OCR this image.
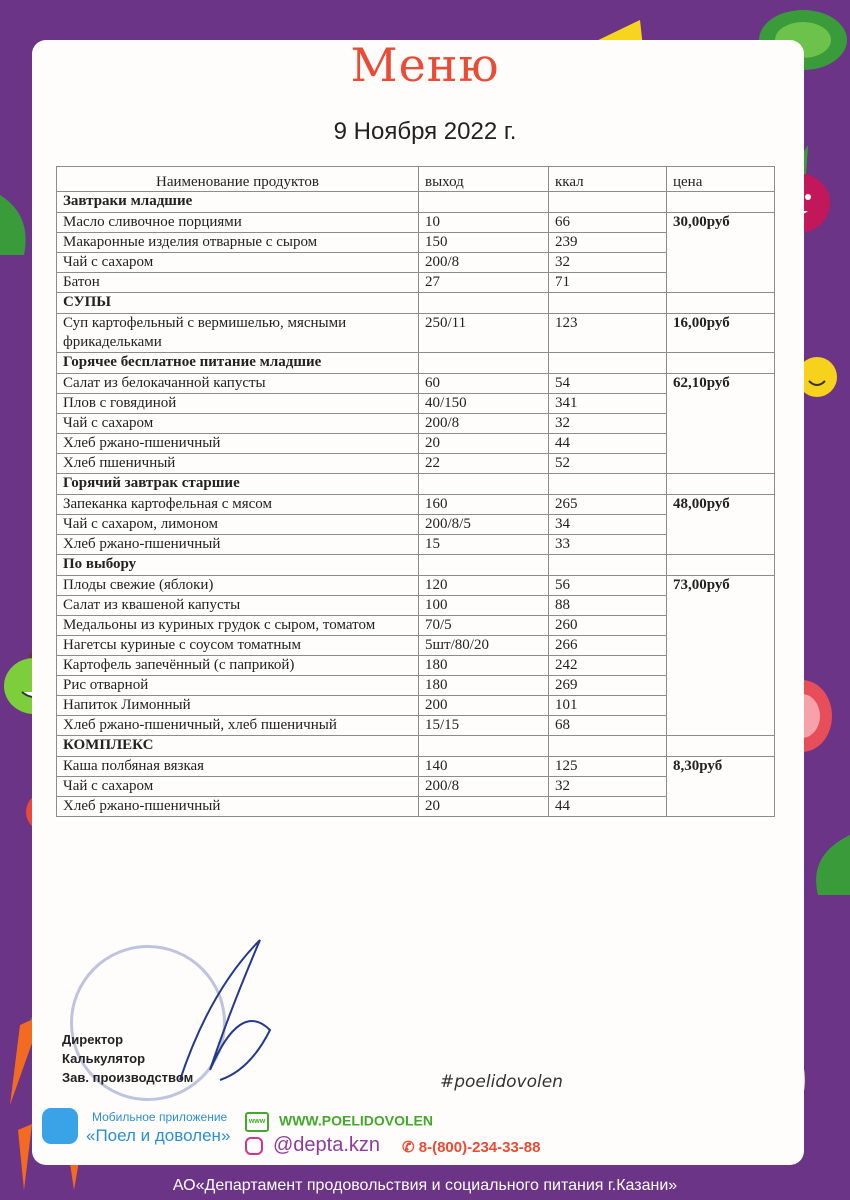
Меню
9 Ноября 2022 г.
Наименование продуктов	выход	ккал	цена
Завтраки младшие			
Масло сливочное порциями	10	66	30,00руб
Макаронные изделия отварные с сыром	150	239	
Чай с сахаром	200/8	32	
Батон	27	71	
СУПЫ			
Суп картофельный с вермишелью, мясными фрикадельками	250/11	123	16,00руб
Горячее бесплатное питание младшие			
Салат из белокачанной капусты	60	54	62,10руб
Плов с говядиной	40/150	341	
Чай с сахаром	200/8	32	
Хлеб ржано-пшеничный	20	44	
Хлеб пшеничный	22	52	
Горячий завтрак старшие			
Запеканка картофельная с мясом	160	265	48,00руб
Чай с сахаром, лимоном	200/8/5	34	
Хлеб ржано-пшеничный	15	33	
По выбору			
Плоды свежие (яблоки)	120	56	73,00руб
Салат из квашеной капусты	100	88	
Медальоны из куриных грудок с сыром, томатом	70/5	260	
Нагетсы куриные с соусом томатным	5шт/80/20	266	
Картофель запечённый (с паприкой)	180	242	
Рис отварной	180	269	
Напиток Лимонный	200	101	
Хлеб ржано-пшеничный, хлеб пшеничный	15/15	68	
КОМПЛЕКС			
Каша полбяная вязкая	140	125	8,30руб
Чай с сахаром	200/8	32	
Хлеб ржано-пшеничный	20	44	
Директор
Калькулятор
Зав. производством	#poelidovolen
Мобильное приложение
«Поел и доволен»
www WWW.POELIDOVOLEN
@depta.kzn ✆ 8-(800)-234-33-88
АО«Департамент продовольствия и социального питания г.Казани»
